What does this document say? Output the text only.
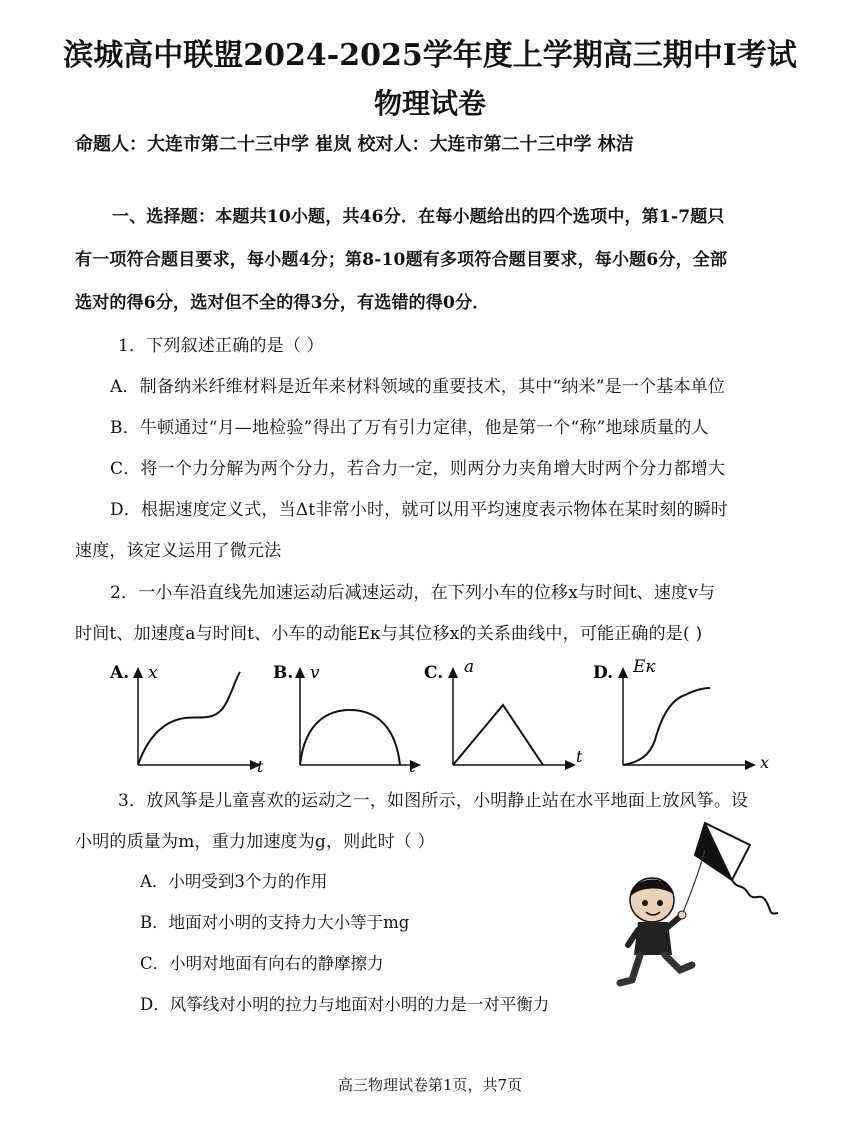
滨城高中联盟2024-2025学年度上学期高三期中Ⅰ考试
物理试卷
命题人：大连市第二十三中学 崔岚 校对人：大连市第二十三中学 林洁
一、选择题：本题共10小题，共46分．在每小题给出的四个选项中，第1-7题只
有一项符合题目要求，每小题4分；第8-10题有多项符合题目要求，每小题6分，全部
选对的得6分，选对但不全的得3分，有选错的得0分．
1．下列叙述正确的是（ ）
A．制备纳米纤维材料是近年来材料领域的重要技术，其中“纳米”是一个基本单位
B．牛顿通过“月—地检验”得出了万有引力定律，他是第一个“称”地球质量的人
C．将一个力分解为两个分力，若合力一定，则两分力夹角增大时两个分力都增大
D．根据速度定义式，当Δt非常小时，就可以用平均速度表示物体在某时刻的瞬时
速度，该定义运用了微元法
2．一小车沿直线先加速运动后减速运动，在下列小车的位移x与时间t、速度v与
时间t、加速度a与时间t、小车的动能Eк与其位移x的关系曲线中，可能正确的是( )
A. x
t
B. v
t
C. a
t
D. Eк
x
3．放风筝是儿童喜欢的运动之一，如图所示，小明静止站在水平地面上放风筝。设
小明的质量为m，重力加速度为g，则此时（ ）
A．小明受到3个力的作用
B．地面对小明的支持力大小等于mg
C．小明对地面有向右的静摩擦力
D．风筝线对小明的拉力与地面对小明的力是一对平衡力
高三物理试卷第1页，共7页
